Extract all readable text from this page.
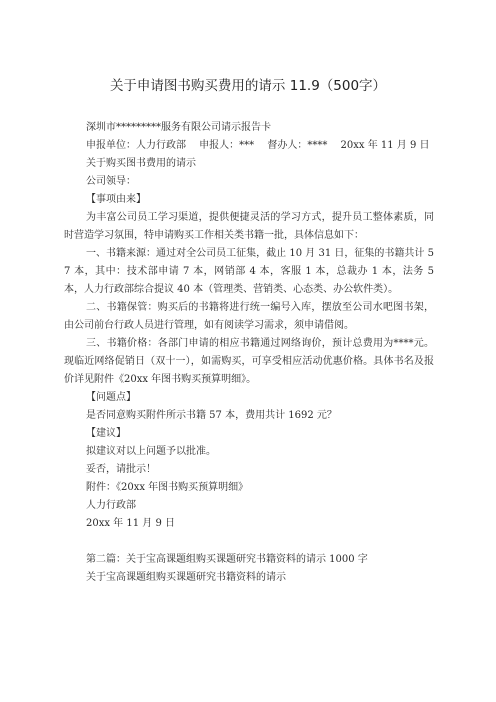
关于申请图书购买费用的请示 11.9（500字）

深圳市*********服务有限公司请示报告卡

申报单位：人力行政部　 申报人：***　 督办人：****　 20xx 年 11 月 9 日

关于购买图书费用的请示

公司领导：

【事项由来】

为丰富公司员工学习渠道，提供便捷灵活的学习方式，提升员工整体素质，同时营造学习氛围，特申请购买工作相关类书籍一批，具体信息如下：

一、书籍来源：通过对全公司员工征集，截止 10 月 31 日，征集的书籍共计 57 本，其中：技术部申请 7 本，网销部 4 本，客服 1 本，总裁办 1 本，法务 5 本，人力行政部综合提议 40 本（管理类、营销类、心态类、办公软件类）。

二、书籍保管：购买后的书籍将进行统一编号入库，摆放至公司水吧图书架，由公司前台行政人员进行管理，如有阅读学习需求，须申请借阅。

三、书籍价格：各部门申请的相应书籍通过网络询价，预计总费用为****元。现临近网络促销日（双十一），如需购买，可享受相应活动优惠价格。具体书名及报价详见附件《20xx 年图书购买预算明细》。

【问题点】

是否同意购买附件所示书籍 57 本，费用共计 1692 元？

【建议】

拟建议对以上问题予以批准。

妥否，请批示！

附件：《20xx 年图书购买预算明细》

人力行政部

20xx 年 11 月 9 日

第二篇：关于宝高课题组购买课题研究书籍资料的请示 1000 字

关于宝高课题组购买课题研究书籍资料的请示
